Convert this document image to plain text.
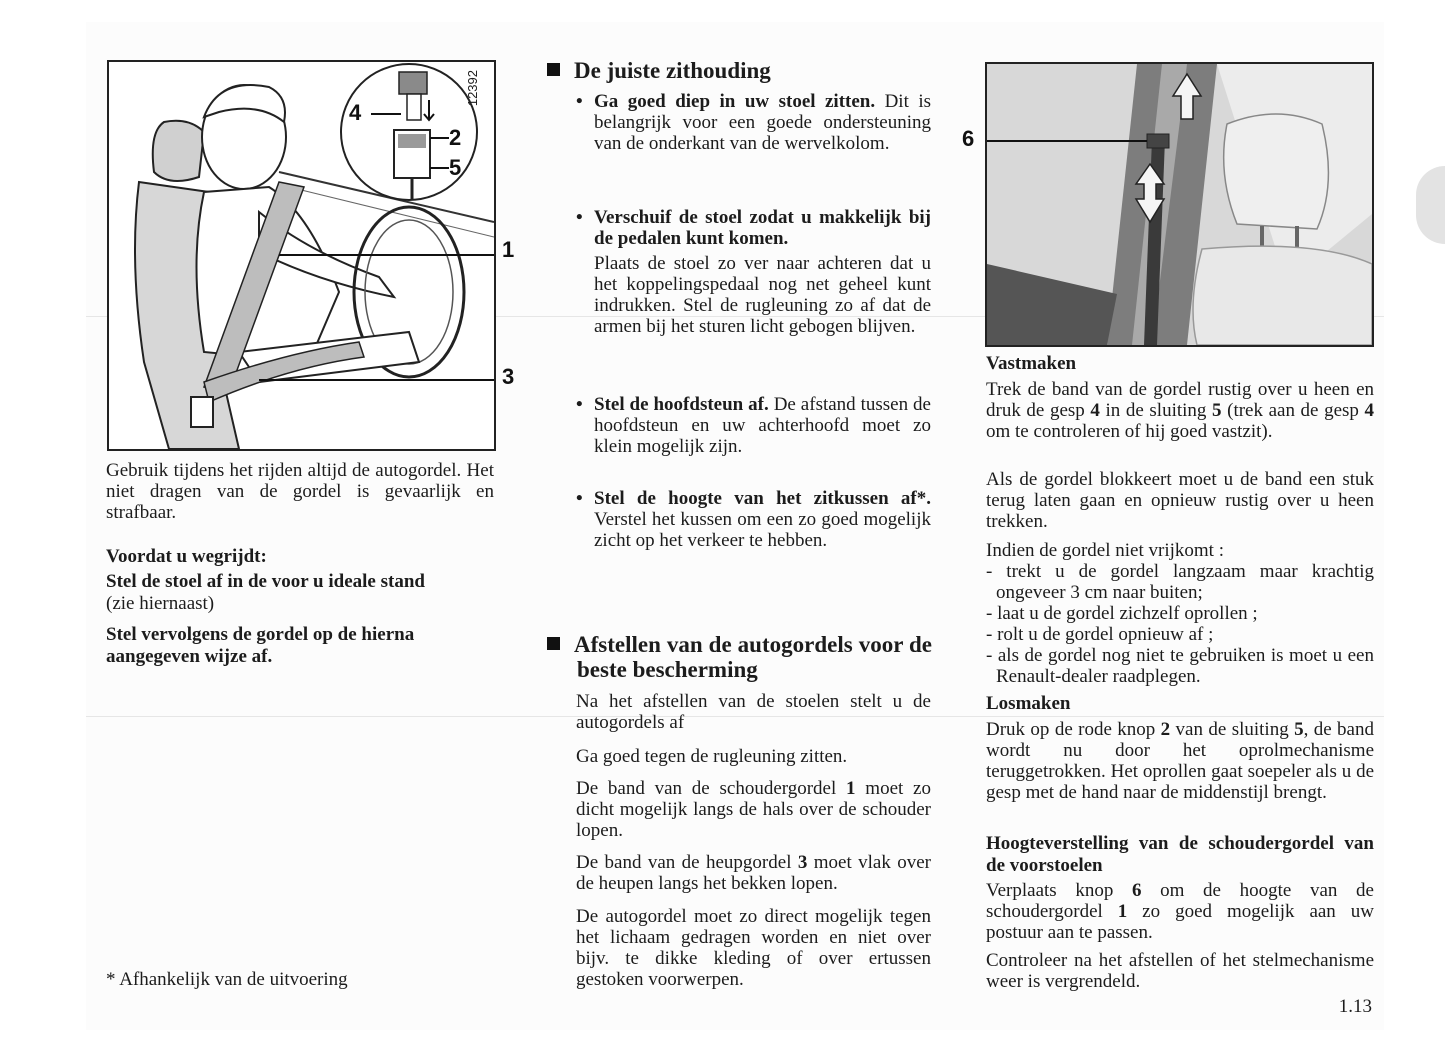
4
2
5
12392
1
3
Gebruik tijdens het rijden altijd de autogordel. Het niet dragen van de gordel is gevaarlijk en strafbaar.
Voordat u wegrijdt:
Stel de stoel af in de voor u ideale stand
(zie hiernaast)
Stel vervolgens de gordel op de hierna aangegeven wijze af.
* Afhankelijk van de uitvoering
De juiste zithouding
• Ga goed diep in uw stoel zitten. Dit is belangrijk voor een goede ondersteuning van de onderkant van de wervelkolom.
• Verschuif de stoel zodat u makkelijk bij de pedalen kunt komen.
Plaats de stoel zo ver naar achteren dat u het koppelingspedaal nog net geheel kunt indrukken. Stel de rugleuning zo af dat de armen bij het sturen licht gebogen blijven.
• Stel de hoofdsteun af. De afstand tussen de hoofdsteun en uw achterhoofd moet zo klein mogelijk zijn.
• Stel de hoogte van het zitkussen af*. Verstel het kussen om een zo goed mogelijk zicht op het verkeer te hebben.
Afstellen van de autogordels voor de beste bescherming
Na het afstellen van de stoelen stelt u de autogordels af
Ga goed tegen de rugleuning zitten.
De band van de schoudergordel 1 moet zo dicht mogelijk langs de hals over de schouder lopen.
De band van de heupgordel 3 moet vlak over de heupen langs het bekken lopen.
De autogordel moet zo direct mogelijk tegen het lichaam gedragen worden en niet over bijv. te dikke kleding of over ertussen gestoken voorwerpen.
6
Vastmaken
Trek de band van de gordel rustig over u heen en druk de gesp 4 in de sluiting 5 (trek aan de gesp 4 om te controleren of hij goed vastzit).
Als de gordel blokkeert moet u de band een stuk terug laten gaan en opnieuw rustig over u heen trekken.
Indien de gordel niet vrijkomt :
- trekt u de gordel langzaam maar krachtig ongeveer 3 cm naar buiten;
- laat u de gordel zichzelf oprollen ;
- rolt u de gordel opnieuw af ;
- als de gordel nog niet te gebruiken is moet u een Renault-dealer raadplegen.
Losmaken
Druk op de rode knop 2 van de sluiting 5, de band wordt nu door het oprolmechanisme teruggetrokken. Het oprollen gaat soepeler als u de gesp met de hand naar de middenstijl brengt.
Hoogteverstelling van de schoudergordel van de voorstoelen
Verplaats knop 6 om de hoogte van de schoudergordel 1 zo goed mogelijk aan uw postuur aan te passen.
Controleer na het afstellen of het stelmechanisme weer is vergrendeld.
1.13
